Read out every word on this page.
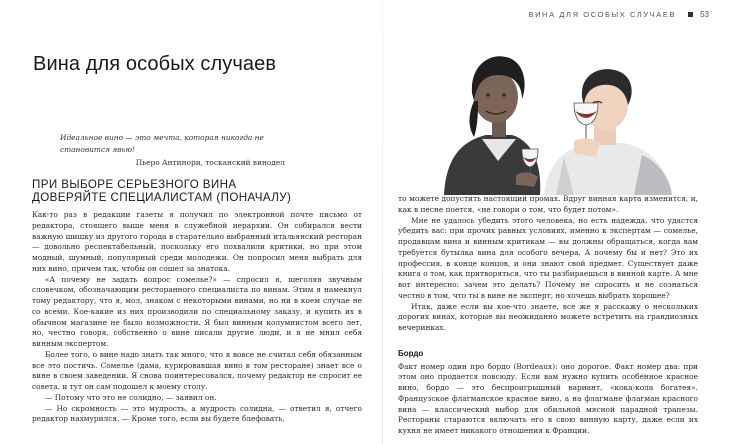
ВИНА ДЛЯ ОСОБЫХ СЛУЧАЕВ	53
Вина для особых случаев
Идеальное вино — это мечта, которая никогда не становится явью!
Пьеро Антинори, тосканский винодел
ПРИ ВЫБОРЕ СЕРЬЕЗНОГО ВИНА
ДОВЕРЯЙТЕ СПЕЦИАЛИСТАМ (ПОНАЧАЛУ)

Как-то раз в редакции газеты я получил по электронной почте письмо от редактора, стоящего выше меня в служебной иерархии. Он собирался вести важную шишку из другого города в старательно выбранный итальянский ресторан — довольно респектабельный, поскольку его похвалили критики, но при этом модный, шумный, популярный среди молодежи. Он попросил меня выбрать для них вино, причем так, чтобы он сошел за знатока.

«А почему не задать вопрос сомелье?» — спросил я, щеголяя звучным словечком, обозначающим ресторанного специалиста по винам. Этим я намекнул тому редактору, что я, мол, знаком с некоторыми винами, но ни в коем случае не со всеми. Кое-какие из них производили по специальному заказу, и купить их в обычном магазине не было возможности. Я был винным колумнистом всего лет, но, честно говоря, собственно о вине писали другие люди, и я не мнил себя винным экспертом.

Более того, о вине надо знать так много, что я вовсе не считал себя обязанным все это постичь. Сомелье (дама, курировавшая вино в том ресторане) знает все о вине в своем заведении. Я снова поинтересовался, почему редактор не спросит ее совета, и тут он сам подошел к моему столу.

— Потому что это не солидно, — заявил он.

— Но скромность — это мудрость, а мудрость солидна, — ответил я, отчего редактор нахмурился. — Кроме того, если вы будете блефовать,

то можете допустить настоящий промах. Вдруг винная карта изменится, и, как в песне поется, «не говори о том, что будет потом».

Мне не удалось убедить этого человека, но есть надежда, что удастся убедить вас: при прочих равных условиях, именно к экспертам — сомелье, продавцам вина и винным критикам — вы должны обращаться, когда вам требуется бутылка вина для особого вечера. А почему бы и нет? Это их профессия, в конце концов, и они знают свой предмет. Существует даже книга о том, как притворяться, что ты разбираешься в винной карте. А мне вот интересно: зачем это делать? Почему не спросить и не сознаться честно в том, что ты в вине не эксперт, но хочешь выбрать хорошее?

Итак, даже если вы кое-что знаете, все же я расскажу о нескольких дорогих винах, которые вы неожиданно можете встретить на грандиозных вечеринках.

Бордо

Факт номер один про бордо (Bordeaux): оно дорогое. Факт номер два: при этом оно продается повсюду. Если вам нужно купить особенное красное вино, бордо — это беспроигрышный вариант, «кока-кола богатея». Французское флагманское красное вино, а на флагмане флагман красного вина — классический выбор для обильной мясной парадной трапезы. Рестораны стараются включать его в свою винную карту, даже если их кухня не имеет никакого отношения к Франции.
